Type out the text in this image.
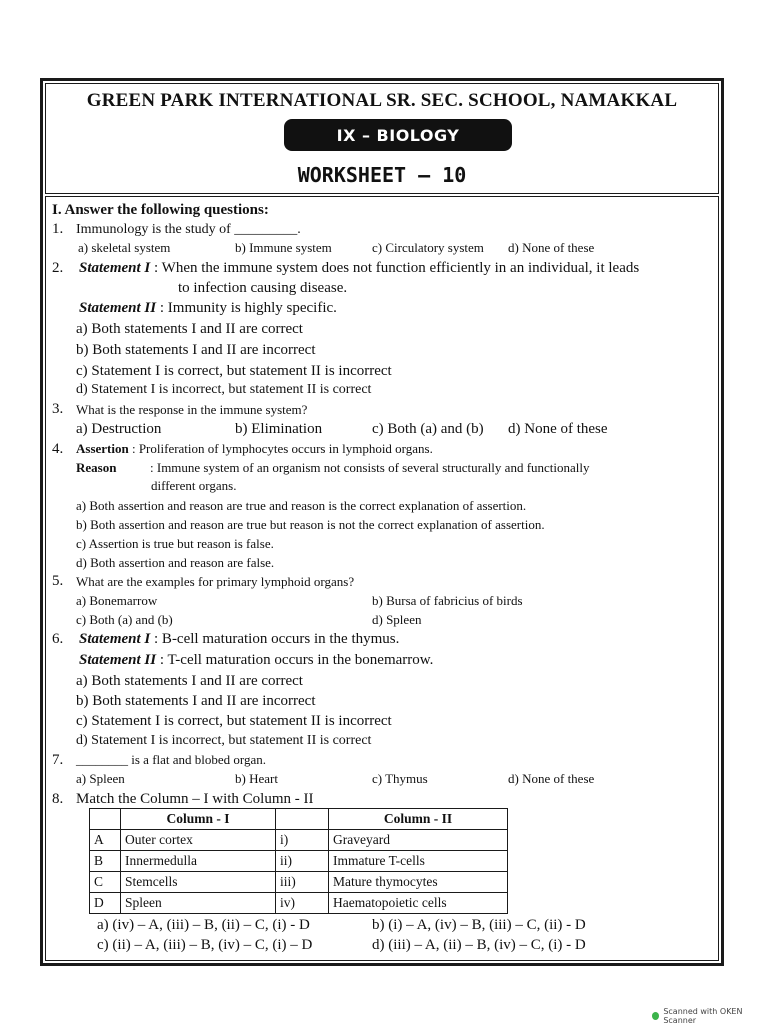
GREEN PARK INTERNATIONAL SR. SEC. SCHOOL, NAMAKKAL
IX – BIOLOGY
WORKSHEET – 10
I. Answer the following questions:
1. Immunology is the study of _________.
a) skeletal system	b) Immune system	c) Circulatory system d) None of these
2. Statement I : When the immune system does not function efficiently in an individual, it leads
to infection causing disease.
Statement II : Immunity is highly specific.
a) Both statements I and II are correct
b) Both statements I and II are incorrect
c) Statement I is correct, but statement II is incorrect
d) Statement I is incorrect, but statement II is correct
3. What is the response in the immune system?
a) Destruction	b) Elimination	c) Both (a) and (b) d) None of these
4. Assertion : Proliferation of lymphocytes occurs in lymphoid organs.
Reason	: Immune system of an organism not consists of several structurally and functionally
different organs.
a) Both assertion and reason are true and reason is the correct explanation of assertion.
b) Both assertion and reason are true but reason is not the correct explanation of assertion.
c) Assertion is true but reason is false.
d) Both assertion and reason are false.
5. What are the examples for primary lymphoid organs?
a) Bonemarrow	b) Bursa of fabricius of birds
c) Both (a) and (b)	d) Spleen
6. Statement I : B-cell maturation occurs in the thymus.
Statement II : T-cell maturation occurs in the bonemarrow.
a) Both statements I and II are correct
b) Both statements I and II are incorrect
c) Statement I is correct, but statement II is incorrect
d) Statement I is incorrect, but statement II is correct
7. ________ is a flat and blobed organ.
a) Spleen	b) Heart	c) Thymus	d) None of these
8. Match the Column – I with Column - II
	Column - I		Column - II
A	Outer cortex	i)	Graveyard
B	Innermedulla	ii)	Immature T-cells
C	Stemcells	iii)	Mature thymocytes
D	Spleen	iv)	Haematopoietic cells
a) (iv) – A, (iii) – B, (ii) – C, (i) - D	b) (i) – A, (iv) – B, (iii) – C, (ii) - D
c) (ii) – A, (iii) – B, (iv) – C, (i) – D	d) (iii) – A, (ii) – B, (iv) – C, (i) - D
Scanned with OKEN Scanner
